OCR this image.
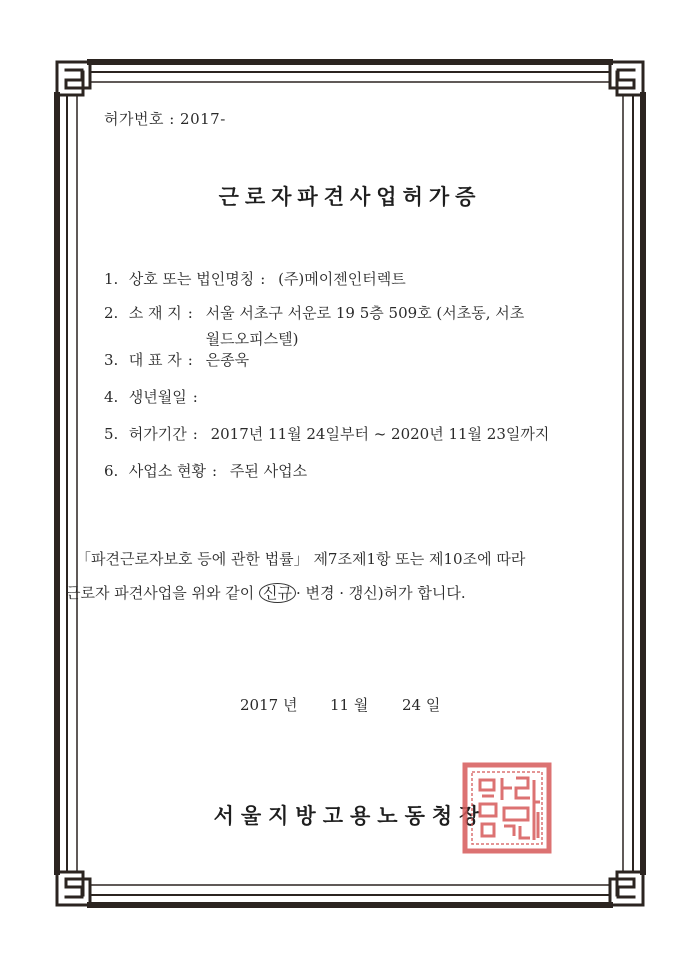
허가번호 : 2017-
근로자파견사업허가증
1. 상호 또는 법인명칭 : (주)메이젠인터렉트
2. 소 재 지 : 서울 서초구 서운로 19 5층 509호 (서초동, 서초월드오피스텔)
3. 대 표 자 : 은종욱
4. 생년월일 :
5. 허가기간 : 2017년 11월 24일부터 ~ 2020년 11월 23일까지
6. 사업소 현황 : 주된 사업소
「파견근로자보호 등에 관한 법률」 제7조제1항 또는 제10조에 따라
근로자 파견사업을 위와 같이 신규 · 변경 · 갱신)허가 합니다.
2017 년 11 월 24 일
서울지방고용노동청장
